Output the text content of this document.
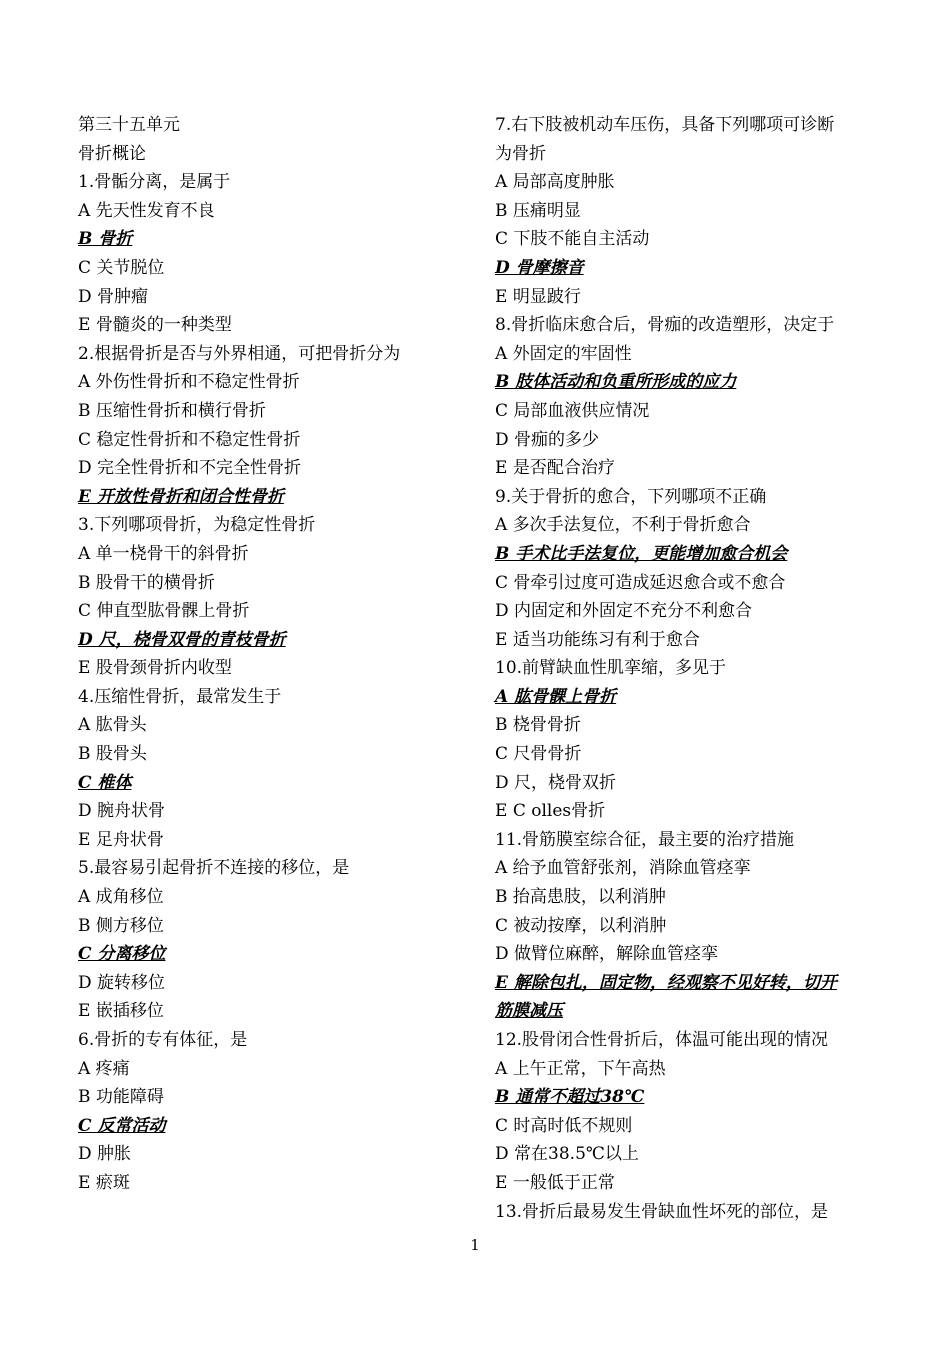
第三十五单元
骨折概论
1.骨骺分离，是属于
A 先天性发育不良
B 骨折
C 关节脱位
D 骨肿瘤
E 骨髓炎的一种类型
2.根据骨折是否与外界相通，可把骨折分为
A 外伤性骨折和不稳定性骨折
B 压缩性骨折和横行骨折
C 稳定性骨折和不稳定性骨折
D 完全性骨折和不完全性骨折
E 开放性骨折和闭合性骨折
3.下列哪项骨折，为稳定性骨折
A 单一桡骨干的斜骨折
B 股骨干的横骨折
C 伸直型肱骨髁上骨折
D 尺，桡骨双骨的青枝骨折
E 股骨颈骨折内收型
4.压缩性骨折，最常发生于
A 肱骨头
B 股骨头
C 椎体
D 腕舟状骨
E 足舟状骨
5.最容易引起骨折不连接的移位，是
A 成角移位
B 侧方移位
C 分离移位
D 旋转移位
E 嵌插移位
6.骨折的专有体征，是
A 疼痛
B 功能障碍
C 反常活动
D 肿胀
E 瘀斑
7.右下肢被机动车压伤，具备下列哪项可诊断
为骨折
A 局部高度肿胀
B 压痛明显
C 下肢不能自主活动
D 骨摩擦音
E 明显跛行
8.骨折临床愈合后，骨痂的改造塑形，决定于
A 外固定的牢固性
B 肢体活动和负重所形成的应力
C 局部血液供应情况
D 骨痂的多少
E 是否配合治疗
9.关于骨折的愈合，下列哪项不正确
A 多次手法复位，不利于骨折愈合
B 手术比手法复位，更能增加愈合机会
C 骨牵引过度可造成延迟愈合或不愈合
D 内固定和外固定不充分不利愈合
E 适当功能练习有利于愈合
10.前臂缺血性肌挛缩，多见于
A 肱骨髁上骨折
B 桡骨骨折
C 尺骨骨折
D 尺，桡骨双折
E C olles骨折
11.骨筋膜室综合征，最主要的治疗措施
A 给予血管舒张剂，消除血管痉挛
B 抬高患肢，以利消肿
C 被动按摩，以利消肿
D 做臂位麻醉，解除血管痉挛
E 解除包扎，固定物，经观察不见好转，切开
筋膜减压
12.股骨闭合性骨折后，体温可能出现的情况
A 上午正常，下午高热
B 通常不超过38℃
C 时高时低不规则
D 常在38.5℃以上
E 一般低于正常
13.骨折后最易发生骨缺血性坏死的部位，是
1
